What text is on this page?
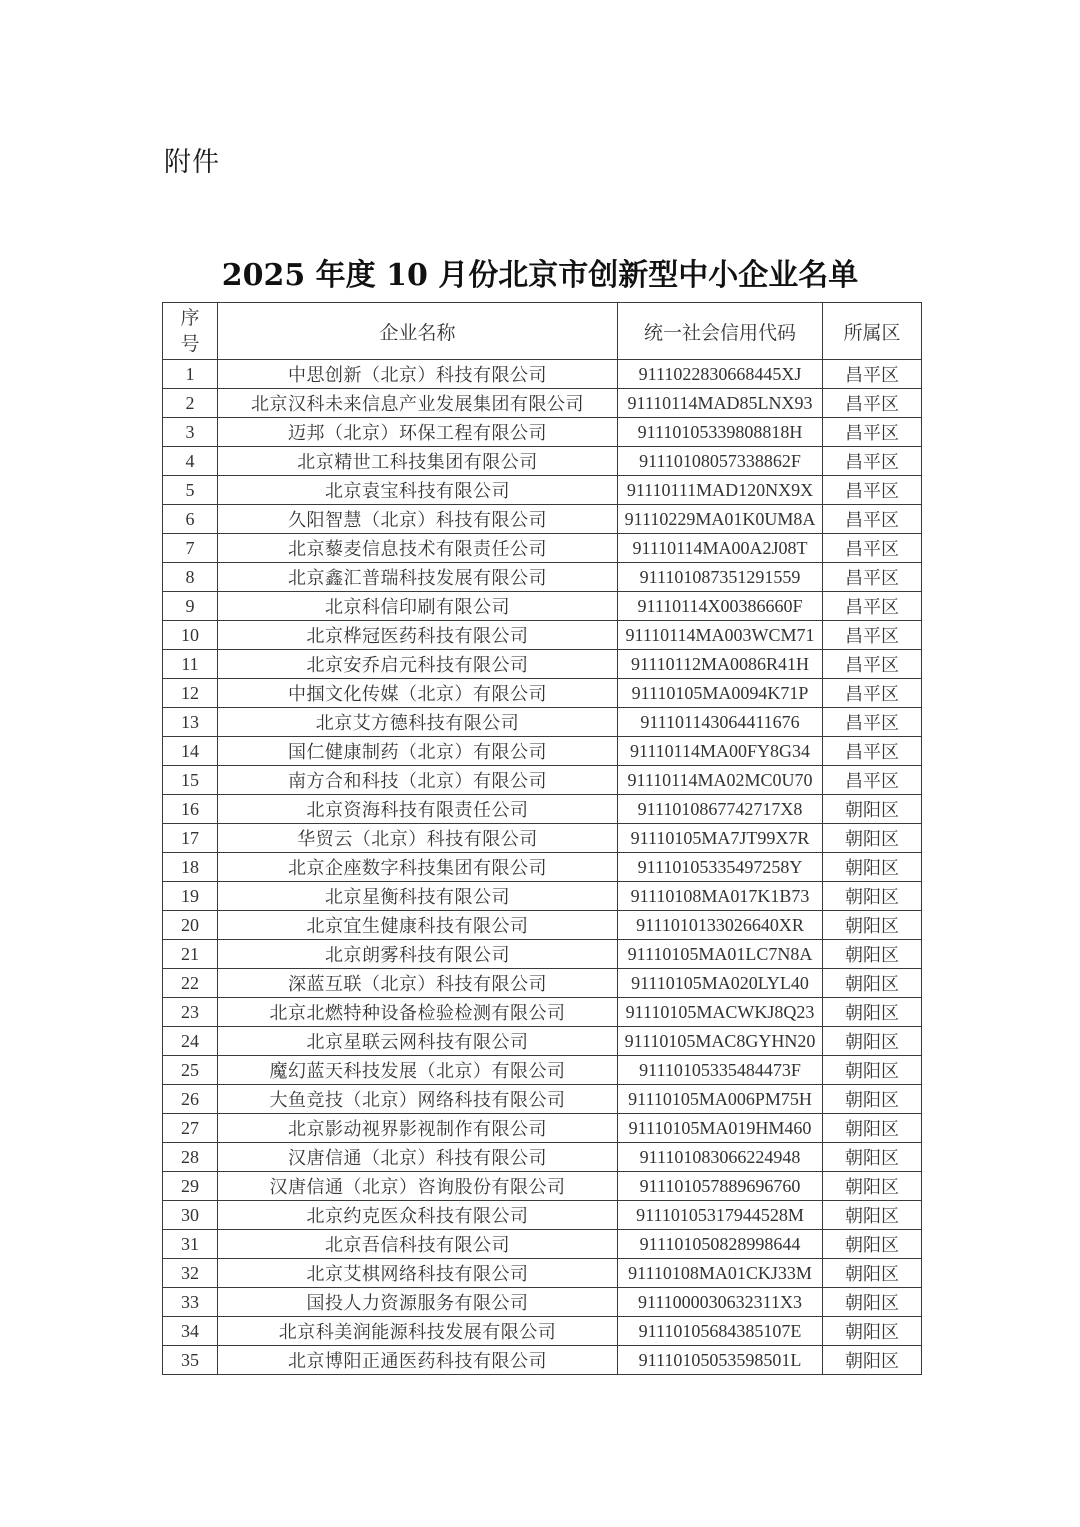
附件
2025 年度 10 月份北京市创新型中小企业名单
序
号	企业名称	统一社会信用代码	所属区
1	中思创新（北京）科技有限公司	9111022830668445XJ	昌平区
2	北京汉科未来信息产业发展集团有限公司	91110114MAD85LNX93	昌平区
3	迈邦（北京）环保工程有限公司	91110105339808818H	昌平区
4	北京精世工科技集团有限公司	91110108057338862F	昌平区
5	北京袁宝科技有限公司	91110111MAD120NX9X	昌平区
6	久阳智慧（北京）科技有限公司	91110229MA01K0UM8A	昌平区
7	北京藜麦信息技术有限责任公司	91110114MA00A2J08T	昌平区
8	北京鑫汇普瑞科技发展有限公司	911101087351291559	昌平区
9	北京科信印刷有限公司	91110114X00386660F	昌平区
10	北京桦冠医药科技有限公司	91110114MA003WCM71	昌平区
11	北京安乔启元科技有限公司	91110112MA0086R41H	昌平区
12	中掴文化传媒（北京）有限公司	91110105MA0094K71P	昌平区
13	北京艾方德科技有限公司	911101143064411676	昌平区
14	国仁健康制药（北京）有限公司	91110114MA00FY8G34	昌平区
15	南方合和科技（北京）有限公司	91110114MA02MC0U70	昌平区
16	北京资海科技有限责任公司	9111010867742717X8	朝阳区
17	华贸云（北京）科技有限公司	91110105MA7JT99X7R	朝阳区
18	北京企座数字科技集团有限公司	91110105335497258Y	朝阳区
19	北京星衡科技有限公司	91110108MA017K1B73	朝阳区
20	北京宜生健康科技有限公司	9111010133026640XR	朝阳区
21	北京朗雾科技有限公司	91110105MA01LC7N8A	朝阳区
22	深蓝互联（北京）科技有限公司	91110105MA020LYL40	朝阳区
23	北京北燃特种设备检验检测有限公司	91110105MACWKJ8Q23	朝阳区
24	北京星联云网科技有限公司	91110105MAC8GYHN20	朝阳区
25	魔幻蓝天科技发展（北京）有限公司	91110105335484473F	朝阳区
26	大鱼竞技（北京）网络科技有限公司	91110105MA006PM75H	朝阳区
27	北京影动视界影视制作有限公司	91110105MA019HM460	朝阳区
28	汉唐信通（北京）科技有限公司	911101083066224948	朝阳区
29	汉唐信通（北京）咨询股份有限公司	911101057889696760	朝阳区
30	北京约克医众科技有限公司	91110105317944528M	朝阳区
31	北京吾信科技有限公司	911101050828998644	朝阳区
32	北京艾棋网络科技有限公司	91110108MA01CKJ33M	朝阳区
33	国投人力资源服务有限公司	9111000030632311X3	朝阳区
34	北京科美润能源科技发展有限公司	91110105684385107E	朝阳区
35	北京博阳正通医药科技有限公司	91110105053598501L	朝阳区
